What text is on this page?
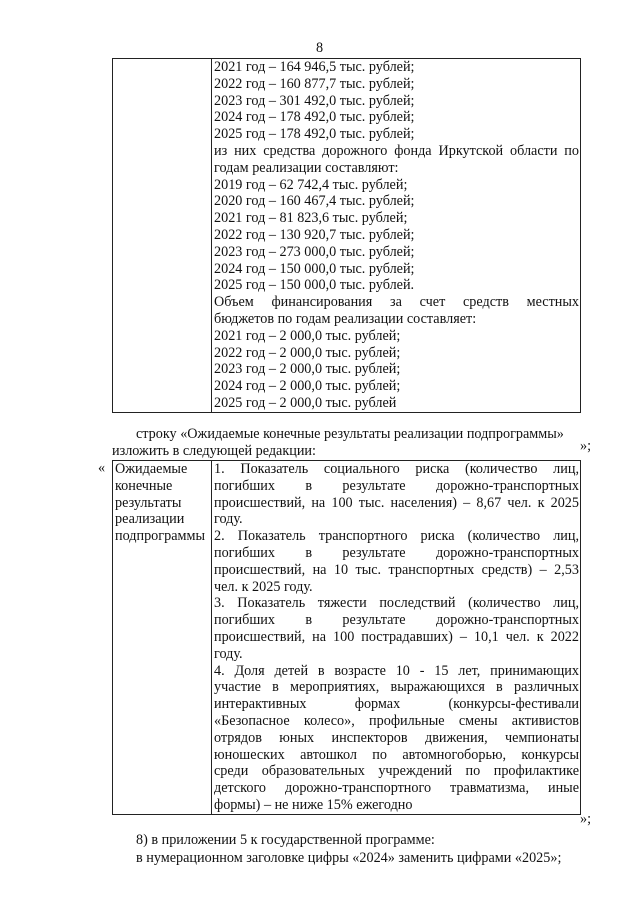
8
2021 год – 164 946,5 тыс. рублей;
2022 год – 160 877,7 тыс. рублей;
2023 год – 301 492,0 тыс. рублей;
2024 год – 178 492,0 тыс. рублей;
2025 год – 178 492,0 тыс. рублей;
из них средства дорожного фонда Иркутской области по
годам реализации составляют:
2019 год – 62 742,4 тыс. рублей;
2020 год – 160 467,4 тыс. рублей;
2021 год – 81 823,6 тыс. рублей;
2022 год – 130 920,7 тыс. рублей;
2023 год – 273 000,0 тыс. рублей;
2024 год – 150 000,0 тыс. рублей;
2025 год – 150 000,0 тыс. рублей.
Объем финансирования за счет средств местных
бюджетов по годам реализации составляет:
2021 год – 2 000,0 тыс. рублей;
2022 год – 2 000,0 тыс. рублей;
2023 год – 2 000,0 тыс. рублей;
2024 год – 2 000,0 тыс. рублей;
2025 год – 2 000,0 тыс. рублей
»;
строку «Ожидаемые конечные результаты реализации подпрограммы»
изложить в следующей редакции:
« Ожидаемые
конечные
результаты
реализации
подпрограммы
1. Показатель социального риска (количество лиц,
погибших в результате дорожно-транспортных
происшествий, на 100 тыс. населения) – 8,67 чел. к 2025
году.
2. Показатель транспортного риска (количество лиц,
погибших в результате дорожно-транспортных
происшествий, на 10 тыс. транспортных средств) – 2,53
чел. к 2025 году.
3. Показатель тяжести последствий (количество лиц,
погибших в результате дорожно-транспортных
происшествий, на 100 пострадавших) – 10,1 чел. к 2022
году.
4. Доля детей в возрасте 10 - 15 лет, принимающих
участие в мероприятиях, выражающихся в различных
интерактивных формах (конкурсы-фестивали
«Безопасное колесо», профильные смены активистов
отрядов юных инспекторов движения, чемпионаты
юношеских автошкол по автомногоборью, конкурсы
среди образовательных учреждений по профилактике
детского дорожно-транспортного травматизма, иные
формы) – не ниже 15% ежегодно
»;
8) в приложении 5 к государственной программе:
в нумерационном заголовке цифры «2024» заменить цифрами «2025»;
